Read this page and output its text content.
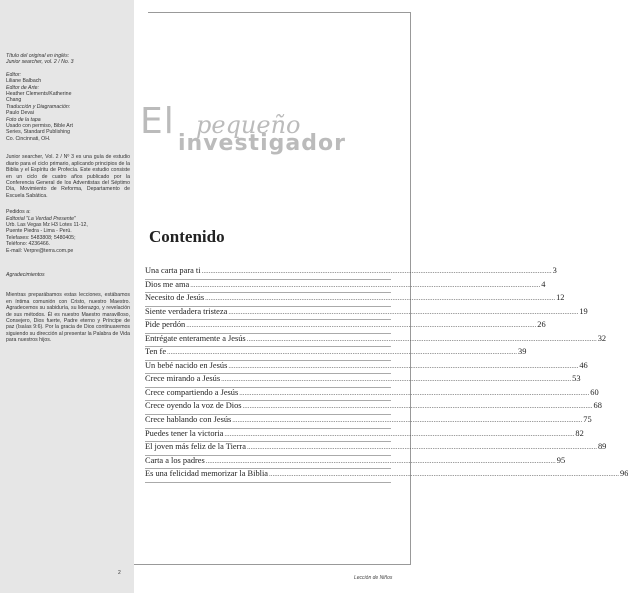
Título del original en inglés:
Junior searcher, vol. 2 / No. 3
Editor:
Liliane Balbach
Editor de Arte:
Heather Clements/Katherine
Chang
Traducción y Diagramación:
Paulo Devai
Foto de la tapa
Usado con permiso, Bible Art
Series, Standard Publishing
Co. Cincinnati, OH.
Junior searcher, Vol. 2 / Nº 3 es una guía de estudio diario para el ciclo primario, aplicando principios de la Biblia y el Espíritu de Profecía. Este estudio consiste en un ciclo de cuatro años publicado por la Conferencia General de los Adventistas del Séptimo Día, Movimiento de Reforma, Departamento de Escuela Sabática.
Pedidos a:
Editorial "La Verdad Presente"
Urb. Las Vegas Mz H3 Lotes 11-12,
Puente Piedra - Lima - Perú.
Telefaxes: 5483808; 5480405;
Teléfono: 4236466.
E-mail: Verpre@terra.com.pe
Agradecimientos
Mientras preparábamos estas lecciones, estábamos en íntima comunión con Cristo, nuestro Maestro. Agradecemos su sabiduría, su liderazgo, y revelación de sus métodos. Él es nuestro Maestro maravilloso, Consejero, Dios fuerte, Padre eterno y Príncipe de paz (Isaías 9:6). Por la gracia de Dios continuaremos siguiendo su dirección al presentar la Palabra de Vida para nuestros hijos.
2
El pequeño
investigador
Contenido
Una carta para ti ........................................................................................................................................................................................................ 3
Dios me ama ........................................................................................................................................................................................................ 4
Necesito de Jesús ........................................................................................................................................................................................................ 12
Siente verdadera tristeza ........................................................................................................................................................................................................ 19
Pide perdón ........................................................................................................................................................................................................ 26
Entrégate enteramente a Jesús ........................................................................................................................................................................................................ 32
Ten fe ........................................................................................................................................................................................................ 39
Un bebé nacido en Jesús ........................................................................................................................................................................................................ 46
Crece mirando a Jesús ........................................................................................................................................................................................................ 53
Crece compartiendo a Jesús ........................................................................................................................................................................................................ 60
Crece oyendo la voz de Dios ........................................................................................................................................................................................................ 68
Crece hablando con Jesús ........................................................................................................................................................................................................ 75
Puedes tener la victoria ........................................................................................................................................................................................................ 82
El joven más feliz de la Tierra ........................................................................................................................................................................................................ 89
Carta a los padres ........................................................................................................................................................................................................ 95
Es una felicidad memorizar la Biblia ........................................................................................................................................................................................................ 96
Lección de Niños
